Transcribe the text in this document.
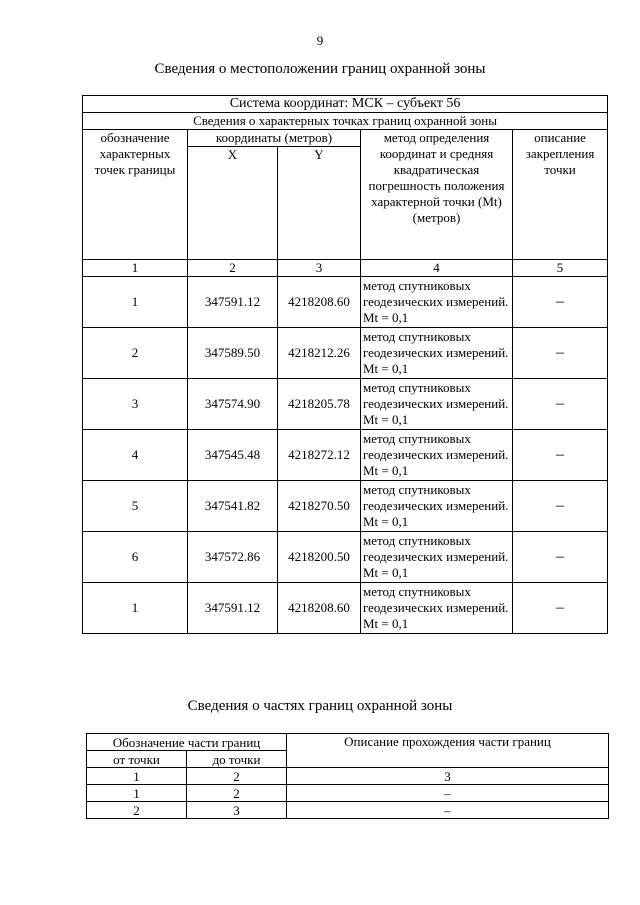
9
Сведения о местоположении границ охранной зоны
Система координат: МСК – субъект 56				
Сведения о характерных точках границ охранной зоны				
обозначение характерных точек границы	координаты (метров)		метод определения координат и средняя квадратическая погрешность положения характерной точки (Mt) (метров)	описание закрепления точки
	X	Y		
1	2	3	4	5
1	347591.12	4218208.60	метод спутниковых геодезических измерений. Mt = 0,1	–
2	347589.50	4218212.26	метод спутниковых геодезических измерений. Mt = 0,1	–
3	347574.90	4218205.78	метод спутниковых геодезических измерений. Mt = 0,1	–
4	347545.48	4218272.12	метод спутниковых геодезических измерений. Mt = 0,1	–
5	347541.82	4218270.50	метод спутниковых геодезических измерений. Mt = 0,1	–
6	347572.86	4218200.50	метод спутниковых геодезических измерений. Mt = 0,1	–
1	347591.12	4218208.60	метод спутниковых геодезических измерений. Mt = 0,1	–
Сведения о частях границ охранной зоны
Обозначение части границ		Описание прохождения части границ
от точки	до точки	
1	2	3
1	2	–
2	3	–
